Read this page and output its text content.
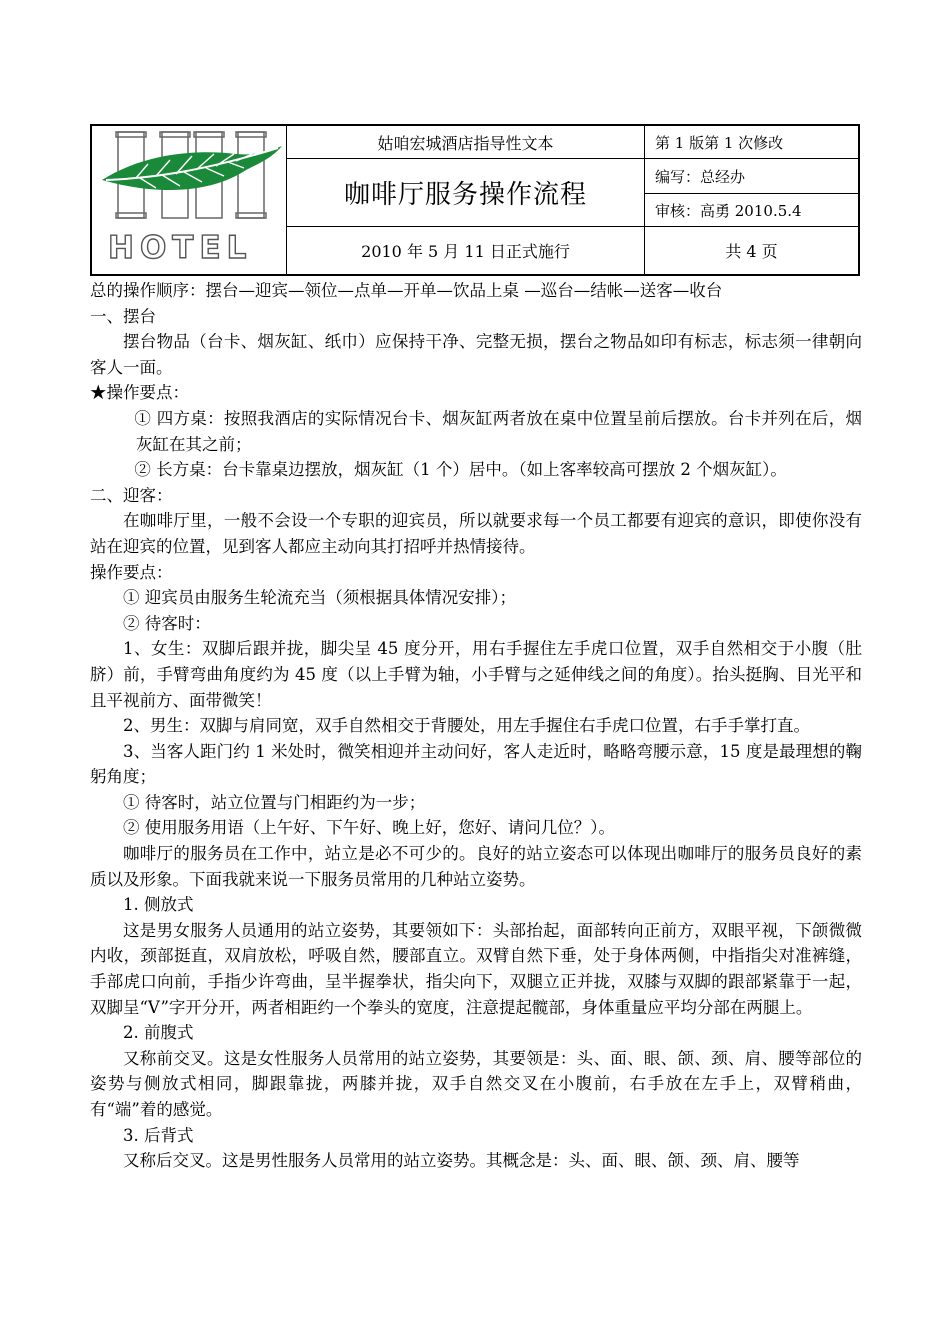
HOTEL
姑咱宏城酒店指导性文本
咖啡厅服务操作流程
2010 年 5 月 11 日正式施行
第 1 版第 1 次修改
编写：总经办
审核：高勇 2010.5.4
共 4 页

总的操作顺序：摆台—迎宾—领位—点单—开单—饮品上桌 —巡台—结帐—送客—收台

一、摆台

摆台物品（台卡、烟灰缸、纸巾）应保持干净、完整无损，摆台之物品如印有标志，标志须一律朝向客人一面。

★操作要点：

① 四方桌：按照我酒店的实际情况台卡、烟灰缸两者放在桌中位置呈前后摆放。台卡并列在后，烟灰缸在其之前；

② 长方桌：台卡靠桌边摆放，烟灰缸（1 个）居中。（如上客率较高可摆放 2 个烟灰缸）。

二、迎客：

在咖啡厅里，一般不会设一个专职的迎宾员，所以就要求每一个员工都要有迎宾的意识，即使你没有站在迎宾的位置，见到客人都应主动向其打招呼并热情接待。

操作要点：

① 迎宾员由服务生轮流充当（须根据具体情况安排）；

② 待客时：

1、女生：双脚后跟并拢，脚尖呈 45 度分开，用右手握住左手虎口位置，双手自然相交于小腹（肚脐）前，手臂弯曲角度约为 45 度（以上手臂为轴，小手臂与之延伸线之间的角度）。抬头挺胸、目光平和且平视前方、面带微笑！

2、男生：双脚与肩同宽，双手自然相交于背腰处，用左手握住右手虎口位置，右手手掌打直。

3、当客人距门约 1 米处时，微笑相迎并主动问好，客人走近时，略略弯腰示意，15 度是最理想的鞠躬角度；

① 待客时，站立位置与门相距约为一步；

② 使用服务用语（上午好、下午好、晚上好，您好、请问几位？）。

咖啡厅的服务员在工作中，站立是必不可少的。良好的站立姿态可以体现出咖啡厅的服务员良好的素质以及形象。下面我就来说一下服务员常用的几种站立姿势。

1. 侧放式

这是男女服务人员通用的站立姿势，其要领如下：头部抬起，面部转向正前方，双眼平视，下颌微微内收，颈部挺直，双肩放松，呼吸自然，腰部直立。双臂自然下垂，处于身体两侧，中指指尖对准裤缝，手部虎口向前，手指少许弯曲，呈半握拳状，指尖向下，双腿立正并拢，双膝与双脚的跟部紧靠于一起，双脚呈“V”字开分开，两者相距约一个拳头的宽度，注意提起髋部，身体重量应平均分部在两腿上。

2. 前腹式

又称前交叉。这是女性服务人员常用的站立姿势，其要领是：头、面、眼、颌、颈、肩、腰等部位的姿势与侧放式相同，脚跟靠拢，两膝并拢，双手自然交叉在小腹前，右手放在左手上，双臂稍曲，有“端”着的感觉。

3. 后背式

又称后交叉。这是男性服务人员常用的站立姿势。其概念是：头、面、眼、颌、颈、肩、腰等
